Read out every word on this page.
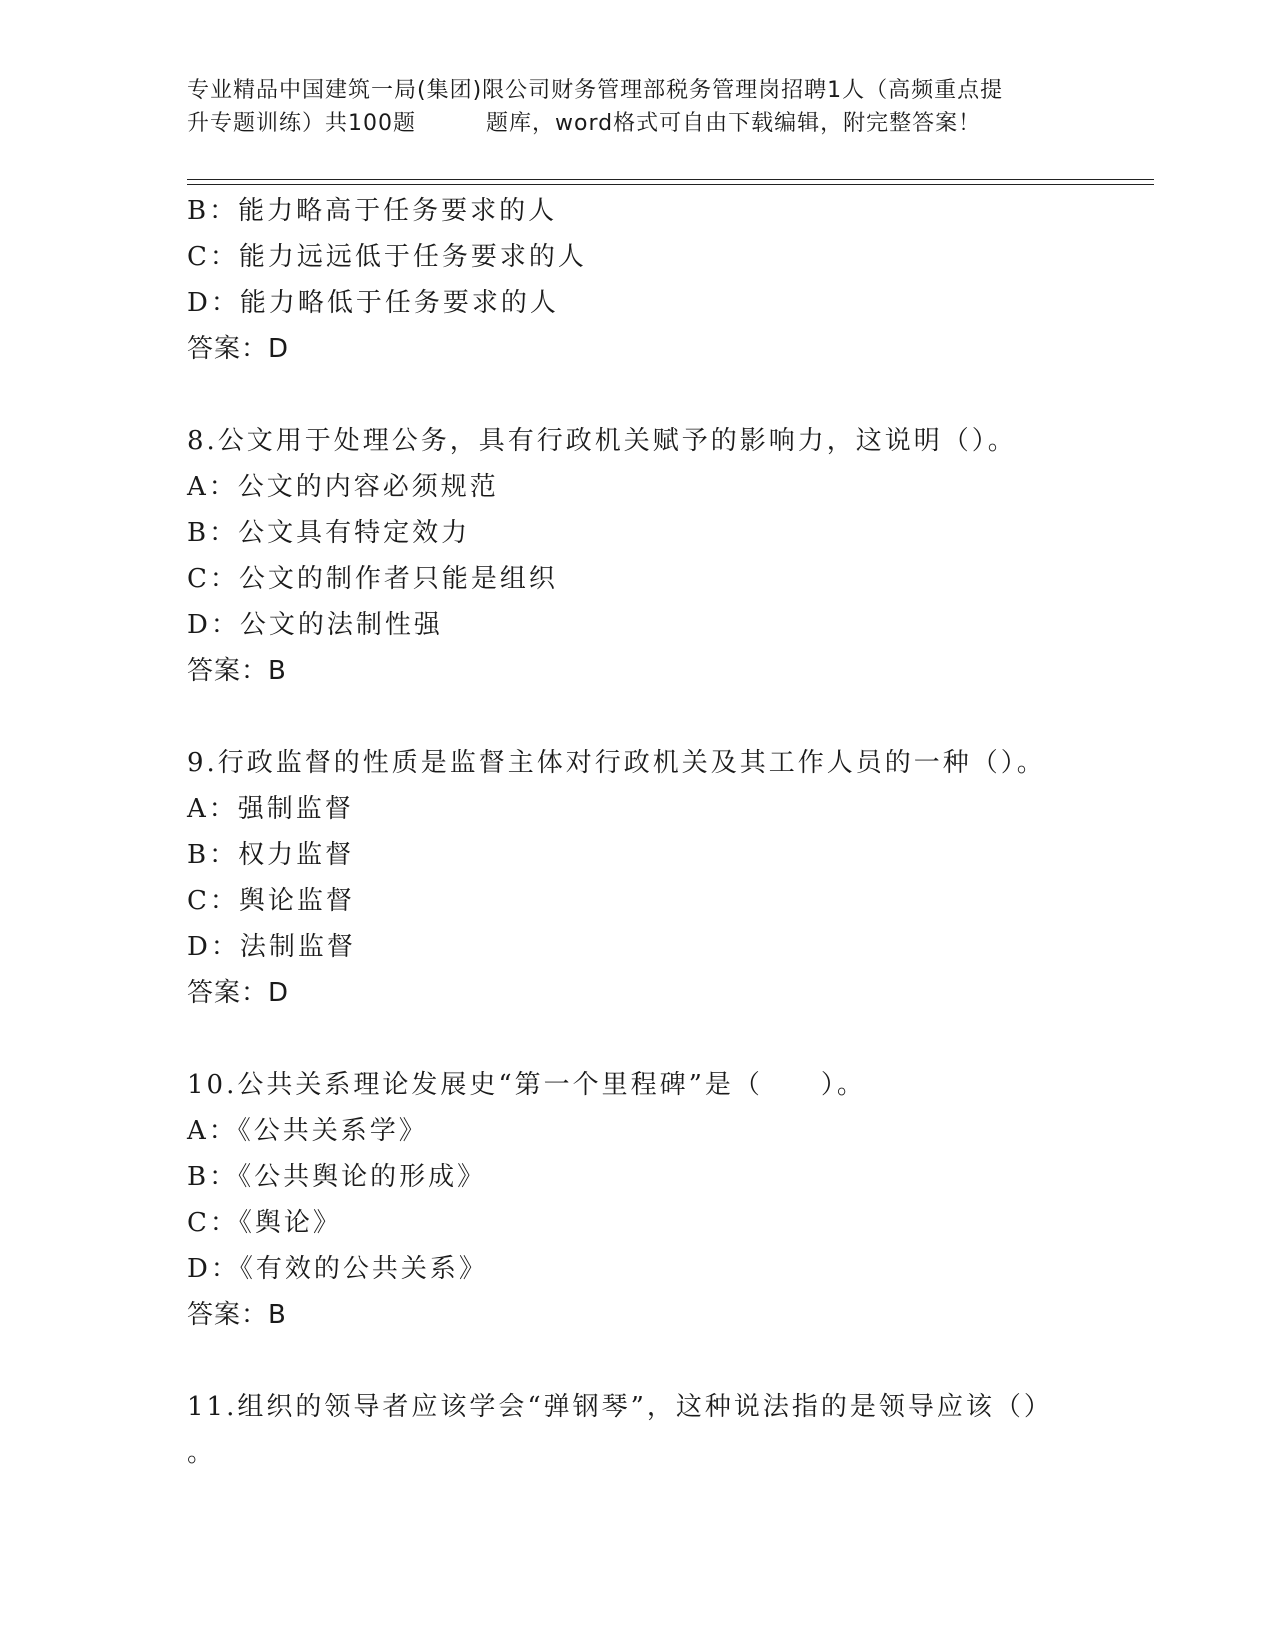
专业精品中国建筑一局(集团)限公司财务管理部税务管理岗招聘1人（高频重点提
升专题训练）共100题	题库，word格式可自由下载编辑，附完整答案！
B：能力略高于任务要求的人
C：能力远远低于任务要求的人
D：能力略低于任务要求的人
答案：D
8.公文用于处理公务，具有行政机关赋予的影响力，这说明（）。
A：公文的内容必须规范
B：公文具有特定效力
C：公文的制作者只能是组织
D：公文的法制性强
答案：B
9.行政监督的性质是监督主体对行政机关及其工作人员的一种（）。
A：强制监督
B：权力监督
C：舆论监督
D：法制监督
答案：D
10.公共关系理论发展史“第一个里程碑”是（　　）。
A：《公共关系学》
B：《公共舆论的形成》
C：《舆论》
D：《有效的公共关系》
答案：B
11.组织的领导者应该学会“弹钢琴”，这种说法指的是领导应该（）
。
